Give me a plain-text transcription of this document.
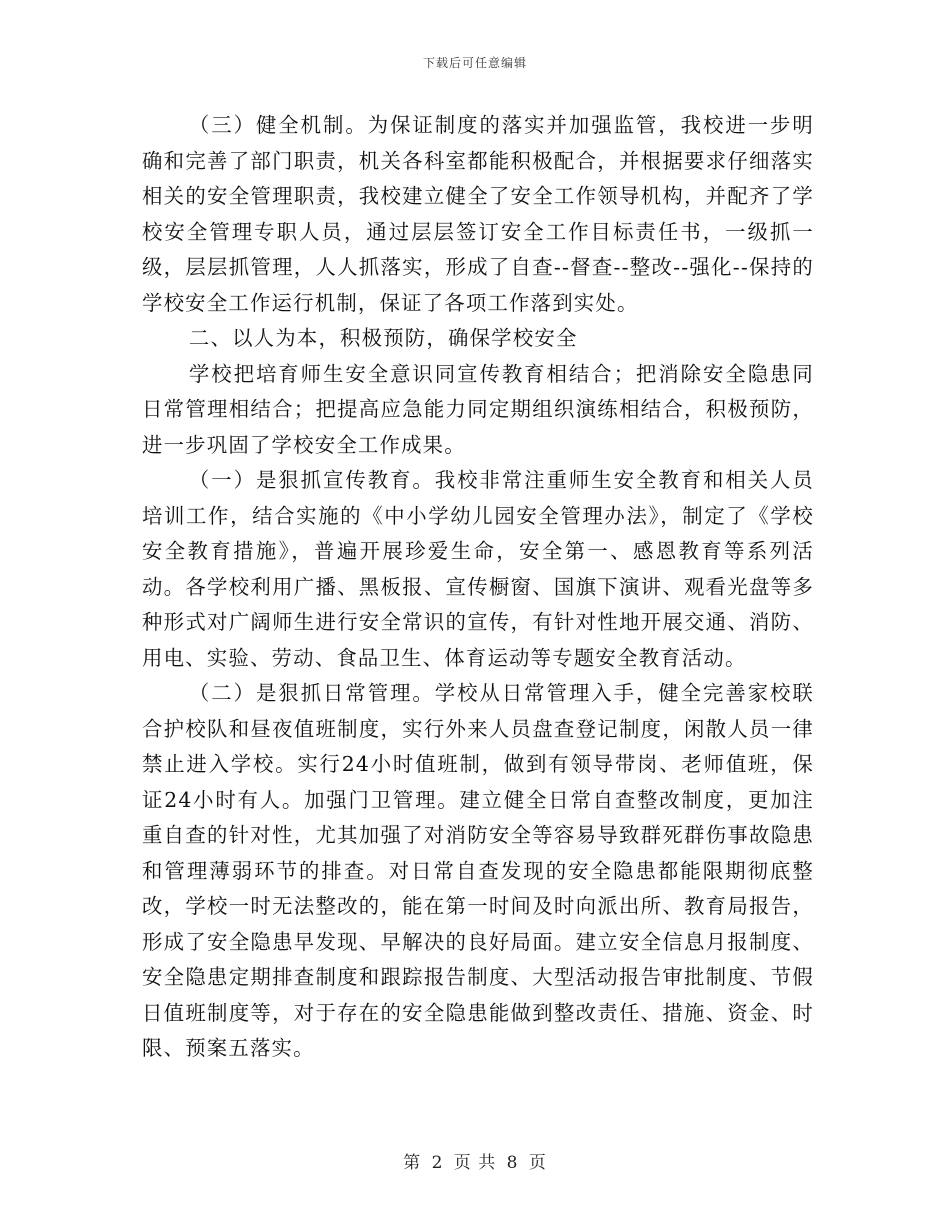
下载后可任意编辑

（三）健全机制。为保证制度的落实并加强监管，我校进一步明确和完善了部门职责，机关各科室都能积极配合，并根据要求仔细落实相关的安全管理职责，我校建立健全了安全工作领导机构，并配齐了学校安全管理专职人员，通过层层签订安全工作目标责任书，一级抓一级，层层抓管理，人人抓落实，形成了自查--督查--整改--强化--保持的学校安全工作运行机制，保证了各项工作落到实处。

二、以人为本，积极预防，确保学校安全

学校把培育师生安全意识同宣传教育相结合；把消除安全隐患同日常管理相结合；把提高应急能力同定期组织演练相结合，积极预防，进一步巩固了学校安全工作成果。

（一）是狠抓宣传教育。我校非常注重师生安全教育和相关人员培训工作，结合实施的《中小学幼儿园安全管理办法》，制定了《学校安全教育措施》，普遍开展珍爱生命，安全第一、感恩教育等系列活动。各学校利用广播、黑板报、宣传橱窗、国旗下演讲、观看光盘等多种形式对广阔师生进行安全常识的宣传，有针对性地开展交通、消防、用电、实验、劳动、食品卫生、体育运动等专题安全教育活动。

（二）是狠抓日常管理。学校从日常管理入手，健全完善家校联合护校队和昼夜值班制度，实行外来人员盘查登记制度，闲散人员一律禁止进入学校。实行24小时值班制，做到有领导带岗、老师值班，保证24小时有人。加强门卫管理。建立健全日常自查整改制度，更加注重自查的针对性，尤其加强了对消防安全等容易导致群死群伤事故隐患和管理薄弱环节的排查。对日常自查发现的安全隐患都能限期彻底整改，学校一时无法整改的，能在第一时间及时向派出所、教育局报告，形成了安全隐患早发现、早解决的良好局面。建立安全信息月报制度、安全隐患定期排查制度和跟踪报告制度、大型活动报告审批制度、节假日值班制度等，对于存在的安全隐患能做到整改责任、措施、资金、时限、预案五落实。

第 2 页 共 8 页
